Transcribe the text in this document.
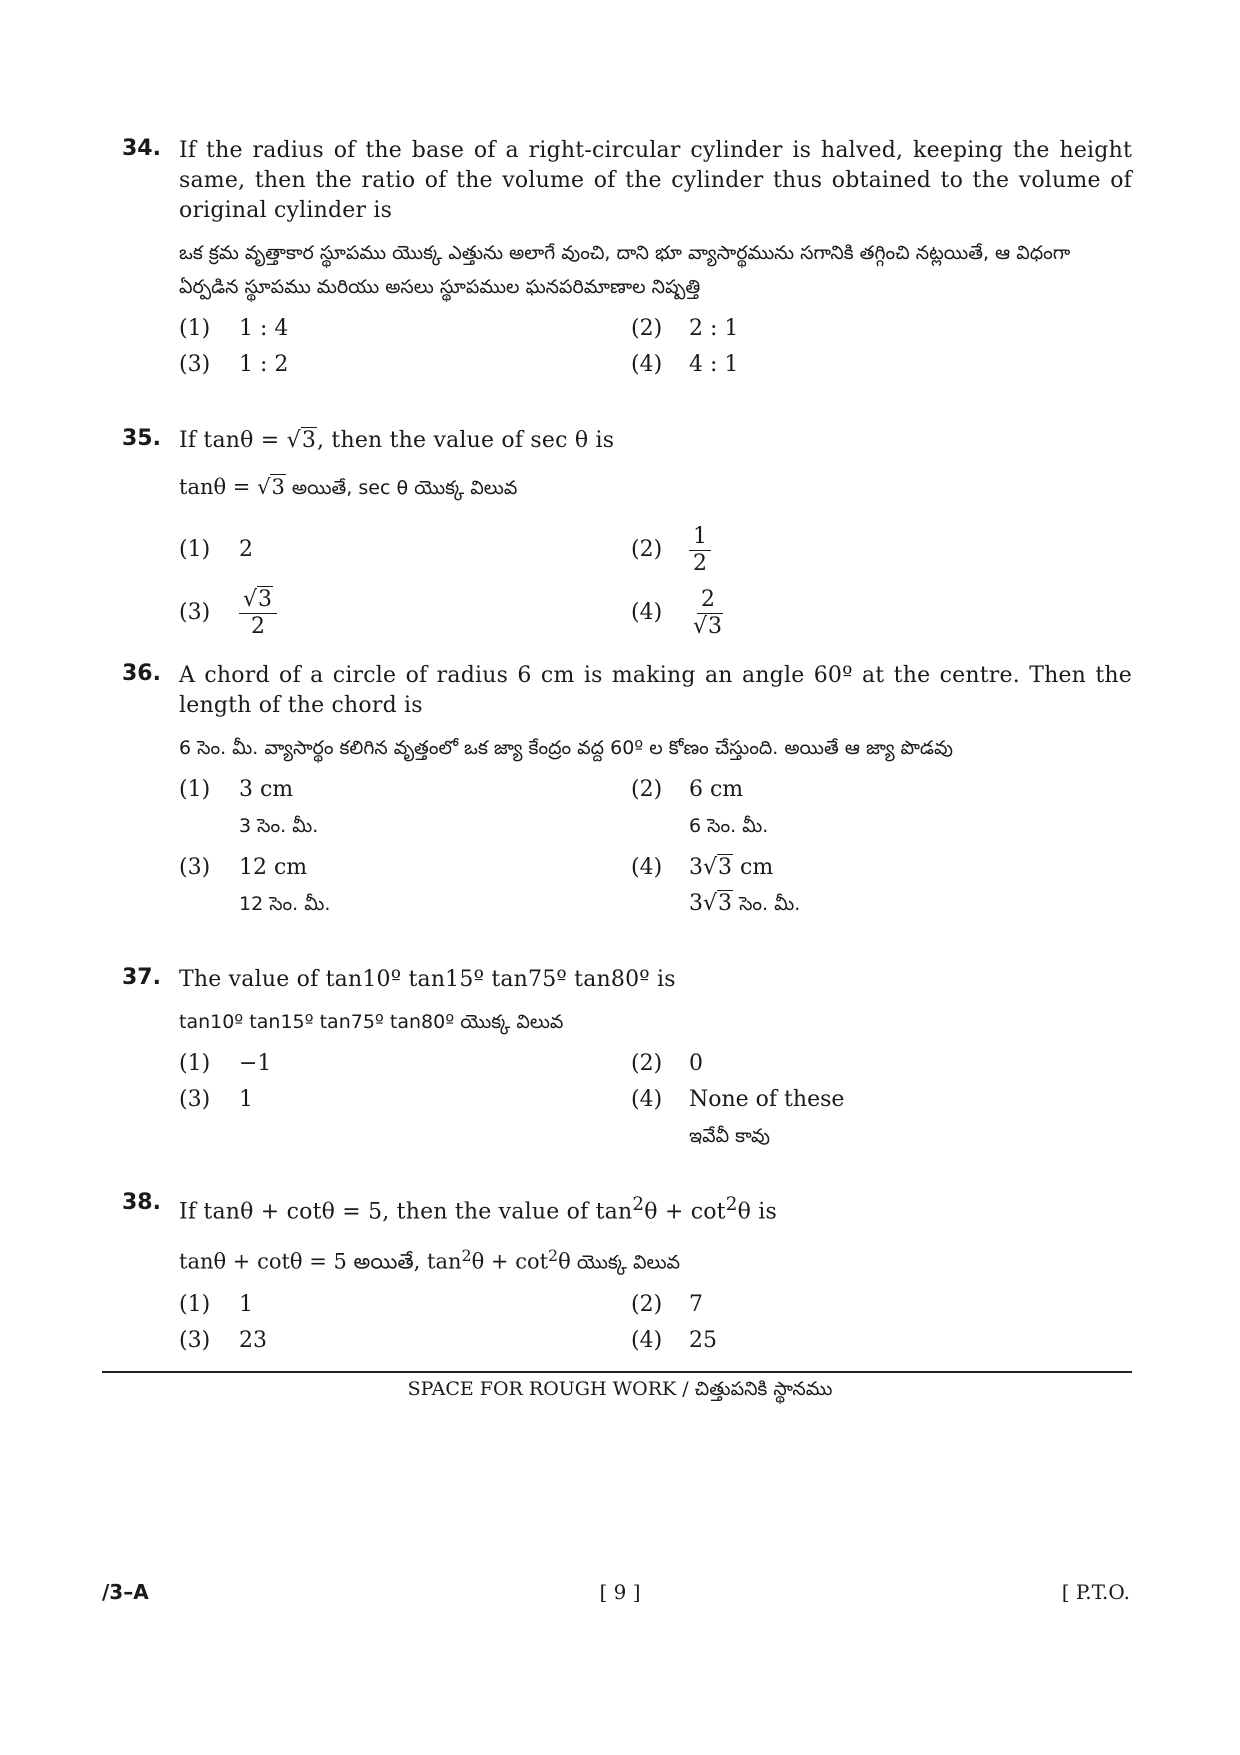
34. If the radius of the base of a right-circular cylinder is halved, keeping the height same, then the ratio of the volume of the cylinder thus obtained to the volume of original cylinder is
ఒక క్రమ వృత్తాకార స్థూపము యొక్క ఎత్తును అలాగే వుంచి, దాని భూ వ్యాసార్థమును సగానికి తగ్గించి నట్లయితే, ఆ విధంగా ఏర్పడిన స్థూపము మరియు అసలు స్థూపముల ఘనపరిమాణాల నిష్పత్తి
(1)	1 : 4	(2) 2 : 1
(3)	1 : 2	(4) 4 : 1
35. If tanθ = √3, then the value of sec θ is
tanθ = √3 అయితే, sec θ యొక్క విలువ
(1)	2	$(2) \frac{1}{2}$
(3)	$\frac{√3}{2}$	$(4) \frac{2}{√3}$
36. A chord of a circle of radius 6 cm is making an angle 60º at the centre. Then the length of the chord is
6 సెం. మీ. వ్యాసార్థం కలిగిన వృత్తంలో ఒక జ్యా కేంద్రం వద్ద 60º ల కోణం చేస్తుంది. అయితే ఆ జ్యా పొడవు
(1)	3 cm	(2) 6 cm
3 సెం. మీ.	6 సెం. మీ.
(3)	12 cm	(4) 3√3 cm
12 సెం. మీ.	3√3 సెం. మీ.
37. The value of tan10º tan15º tan75º tan80º is
tan10º tan15º tan75º tan80º యొక్క విలువ
(1)	−1	(2) 0
(3)	1	(4) None of these
ఇవేవీ కావు
38. If tanθ + cotθ = 5, then the value of $\tan^2\theta + \cot^2\theta$ is
tanθ + cotθ = 5 అయితే, $\tan^2\theta + \cot^2\theta$ యొక్క విలువ
(1)	1	(2) 7
(3)	23	(4) 25
SPACE FOR ROUGH WORK / చిత్తుపనికి స్థానము
/3–A	[ 9 ]	[ P.T.O.
